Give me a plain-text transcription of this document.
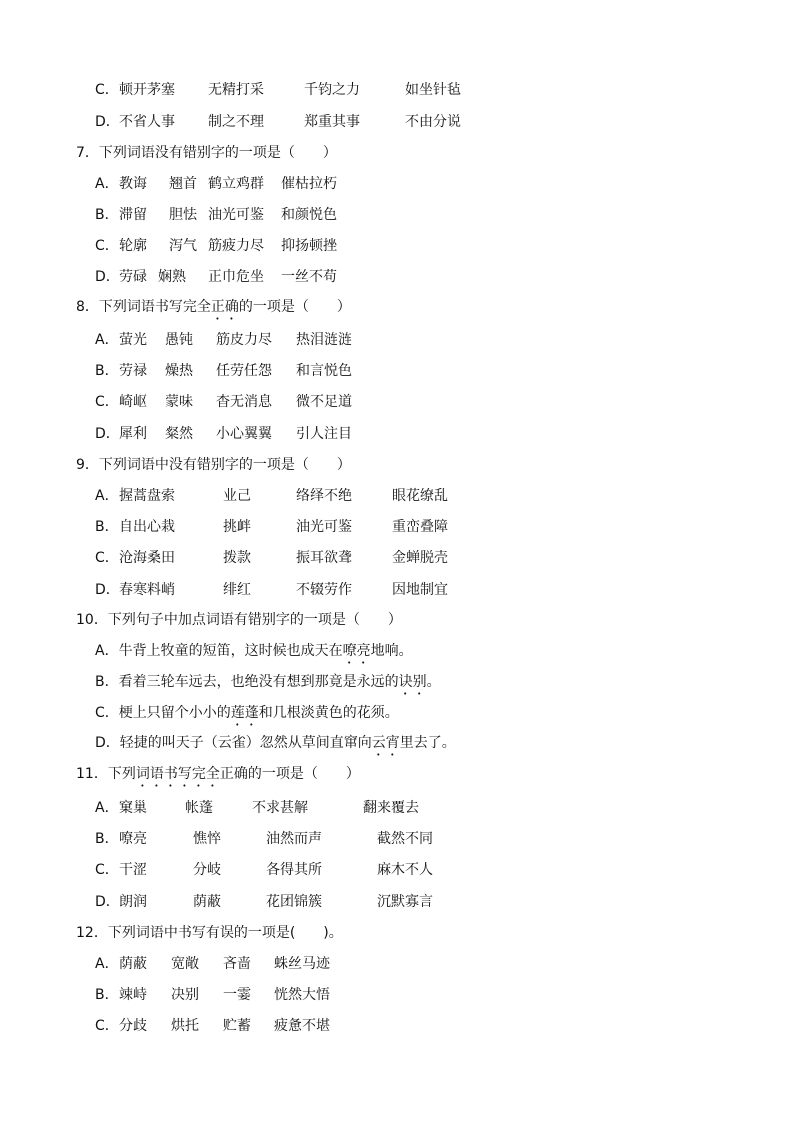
C． 顿开茅塞 无精打采	千钧之力	如坐针毡
D． 不省人事 制之不理	郑重其事	不由分说
7．下列词语没有错别字的一项是（　　）
A． 教诲 翘首 鹤立鸡群 催枯拉朽
B． 滞留 胆怯 油光可鉴 和颜悦色
C． 轮廓 泻气 筋疲力尽 抑扬顿挫
D． 劳碌 娴熟 正巾危坐 一丝不苟
8．下列词语书写完全正确的一项是（　　）
A． 萤光 愚钝 筋皮力尽 热泪涟涟
B． 劳禄 燥热 任劳任怨 和言悦色
C． 崎岖 蒙味 杳无消息 微不足道
D． 犀利 粲然 小心翼翼 引人注目
9．下列词语中没有错别字的一项是（　　）
A． 握蒿盘索	业己	络绎不绝	眼花缭乱
B． 自出心栽	挑衅	油光可鉴	重峦叠障
C． 沧海桑田	拨款	振耳欲聋	金蝉脱壳
D． 春寒料峭	绯红	不辍劳作	因地制宜
10．下列句子中加点词语有错别字的一项是（　　）
A．牛背上牧童的短笛，这时候也成天在嘹亮地响。
B．看着三轮车远去，也绝没有想到那竟是永远的诀别。
C．梗上只留个小小的莲蓬和几根淡黄色的花须。
D．轻捷的叫天子（云雀）忽然从草间直窜向云宵里去了。
11．下列词语书写完全正确的一项是（　　）
A． 窠巢	帐蓬	不求甚解	翻来覆去
B． 嘹亮	憔悴	油然而声	截然不同
C． 干涩	分岐	各得其所	麻木不人
D． 朗润	荫蔽	花团锦簇	沉默寡言
12．下列词语中书写有误的一项是(　　)。
A． 荫蔽 宽敞 吝啬 蛛丝马迹
B． 竦峙 决别 一霎 恍然大悟
C． 分歧 烘托 贮蓄 疲惫不堪
